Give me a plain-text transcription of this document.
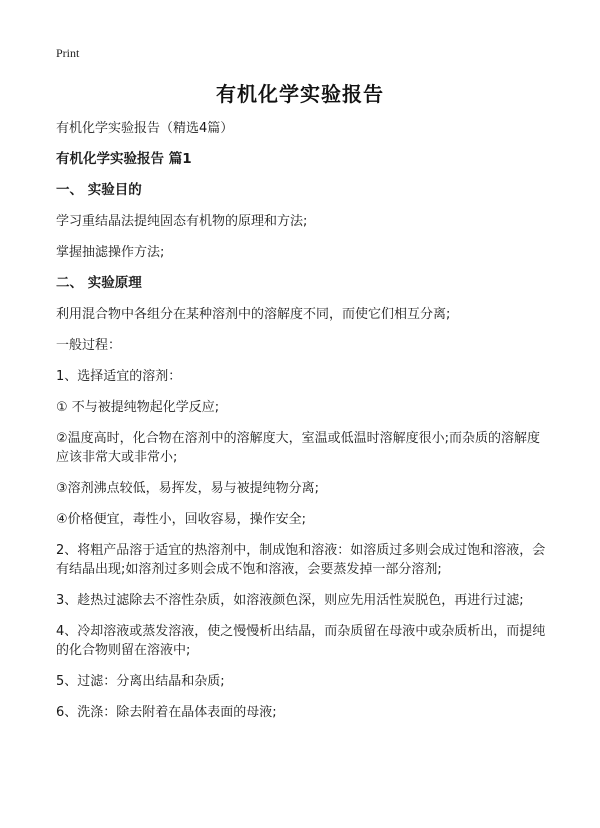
Print
有机化学实验报告

有机化学实验报告（精选4篇）

有机化学实验报告 篇1

一、 实验目的

学习重结晶法提纯固态有机物的原理和方法;

掌握抽滤操作方法;

二、 实验原理

利用混合物中各组分在某种溶剂中的溶解度不同，而使它们相互分离;

一般过程：

1、选择适宜的溶剂：

① 不与被提纯物起化学反应;

②温度高时，化合物在溶剂中的溶解度大，室温或低温时溶解度很小;而杂质的溶解度应该非常大或非常小;

③溶剂沸点较低，易挥发，易与被提纯物分离;

④价格便宜，毒性小，回收容易，操作安全;

2、将粗产品溶于适宜的热溶剂中，制成饱和溶液：如溶质过多则会成过饱和溶液，会有结晶出现;如溶剂过多则会成不饱和溶液，会要蒸发掉一部分溶剂;

3、趁热过滤除去不溶性杂质，如溶液颜色深，则应先用活性炭脱色，再进行过滤;

4、冷却溶液或蒸发溶液，使之慢慢析出结晶，而杂质留在母液中或杂质析出，而提纯的化合物则留在溶液中;

5、过滤：分离出结晶和杂质;

6、洗涤：除去附着在晶体表面的母液;
